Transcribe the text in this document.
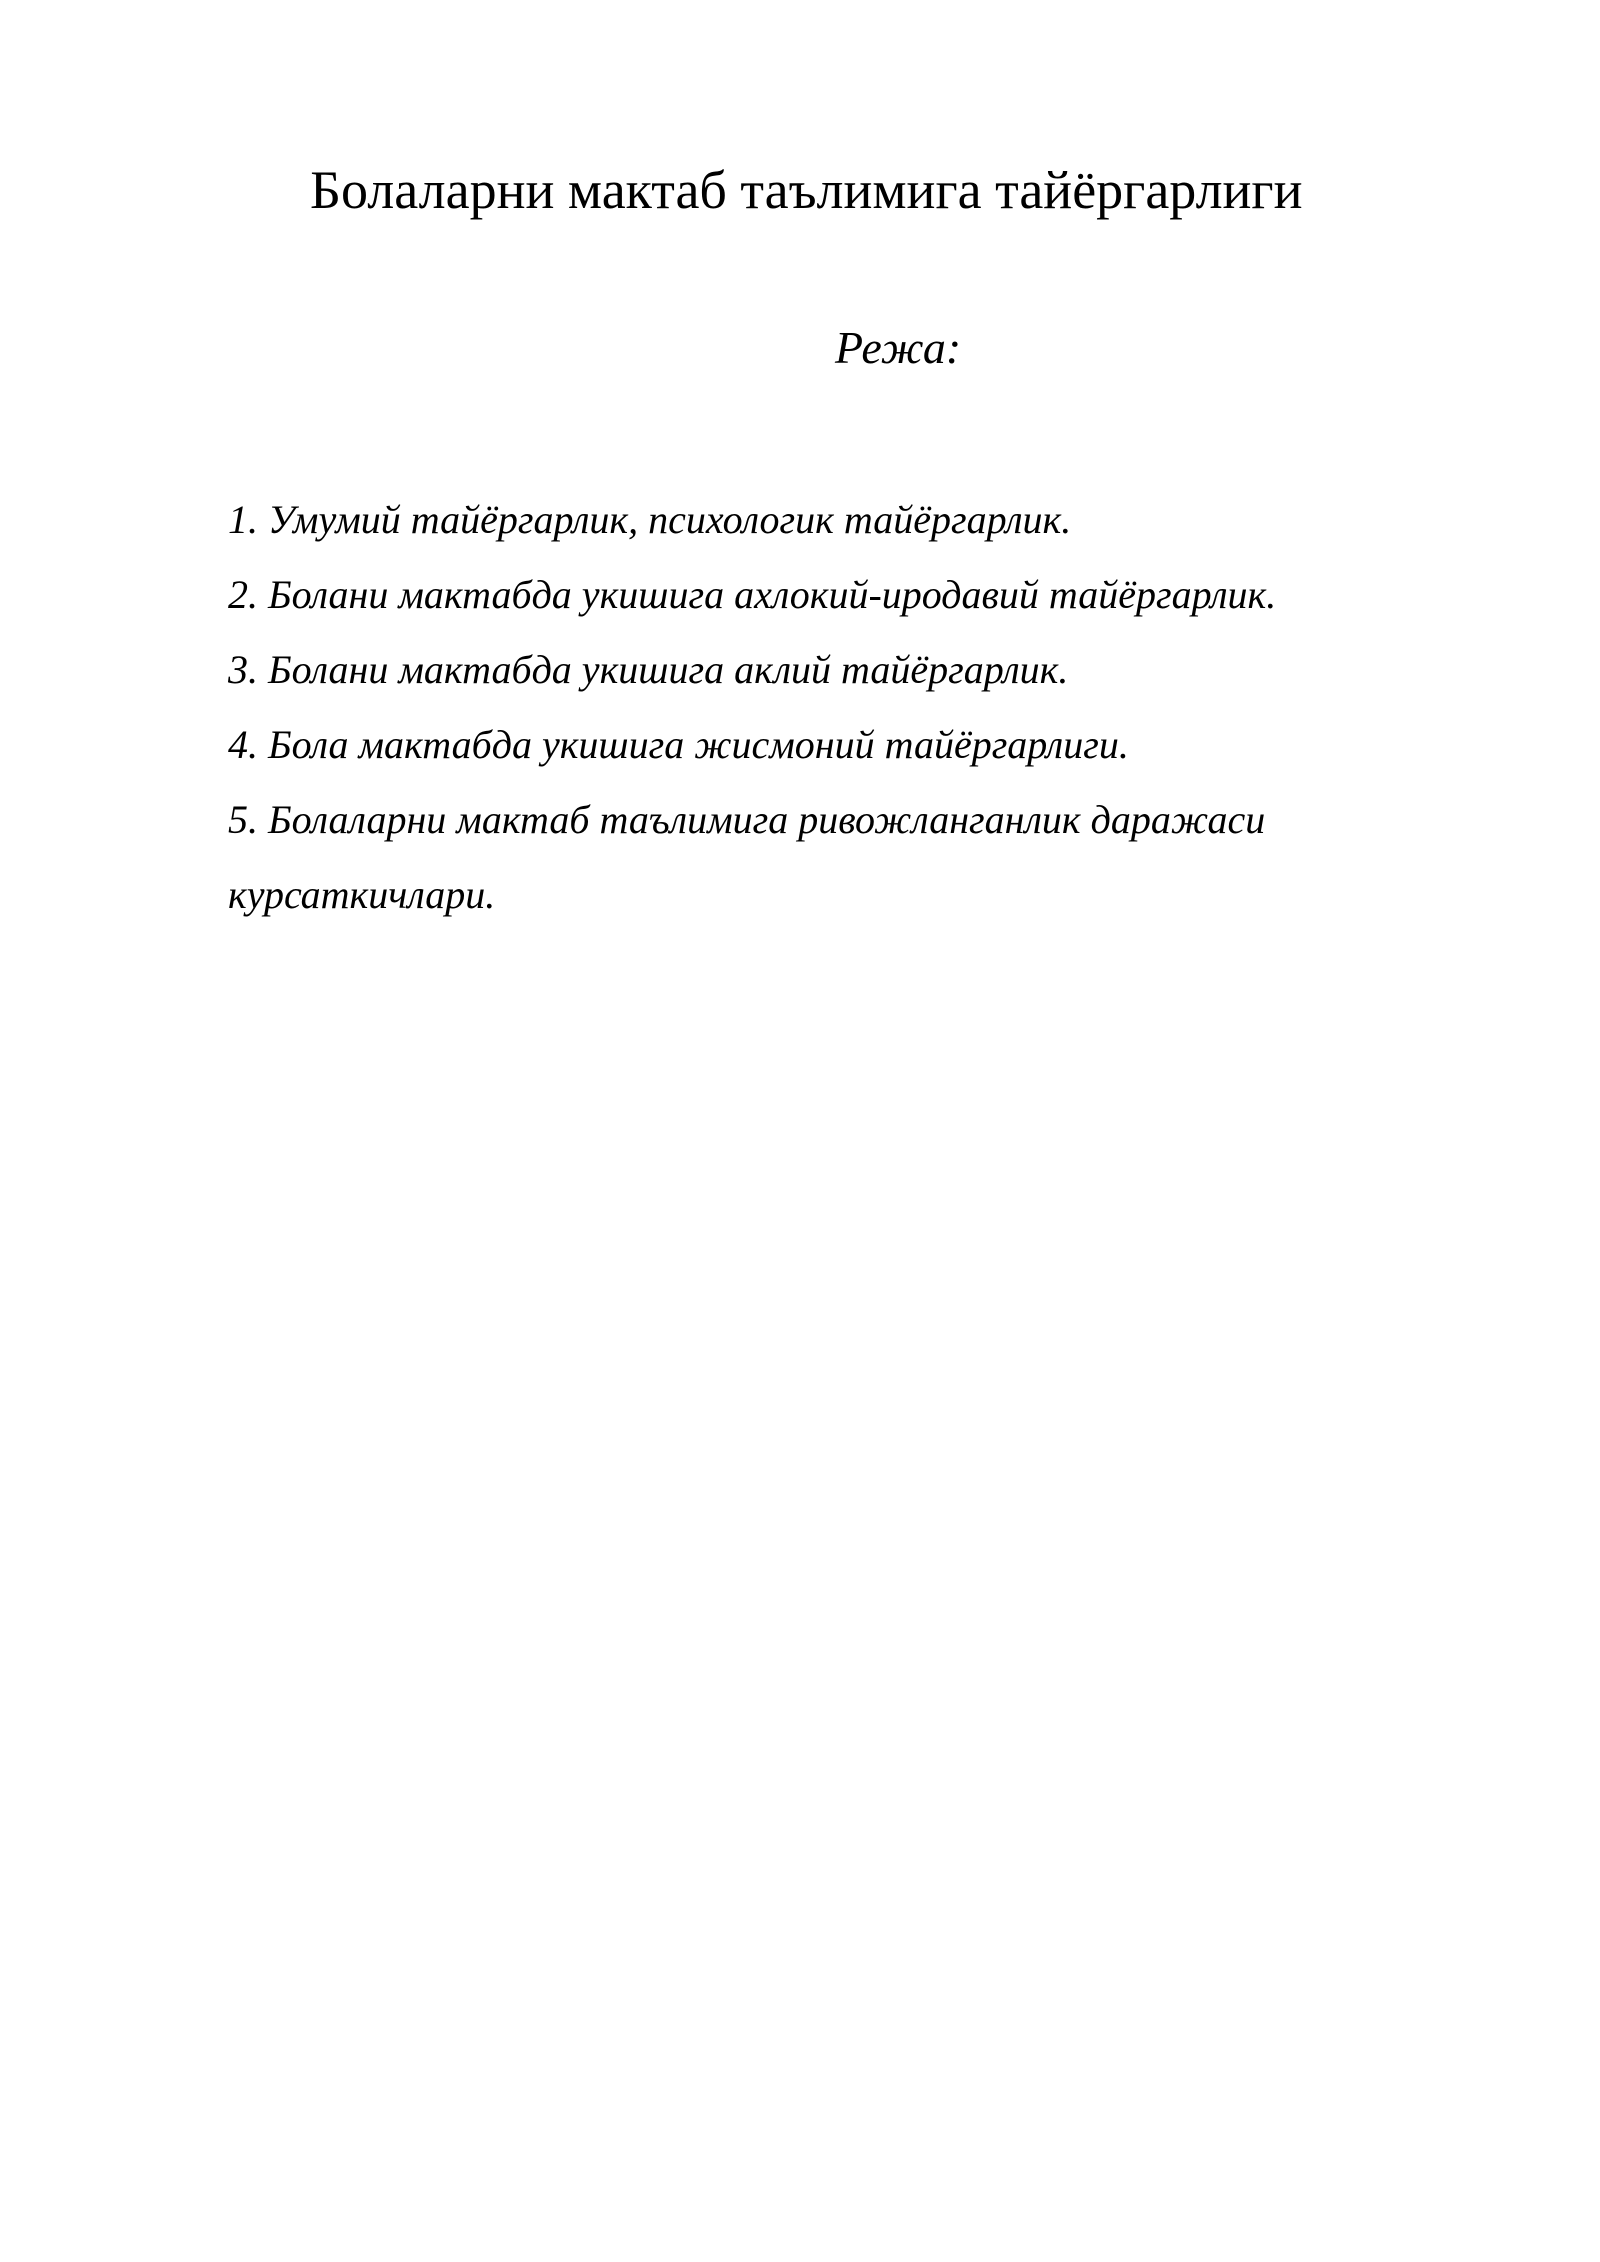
Болаларни мактаб таълимига тайёргарлиги
Режа:
1. Умумий тайёргарлик, психологик тайёргарлик.
2. Болани мактабда укишига ахлокий-иродавий тайёргарлик.
3. Болани мактабда укишига аклий тайёргарлик.
4. Бола мактабда укишига жисмоний тайёргарлиги.
5. Болаларни мактаб таълимига ривожланганлик даражаси курсаткичлари.
